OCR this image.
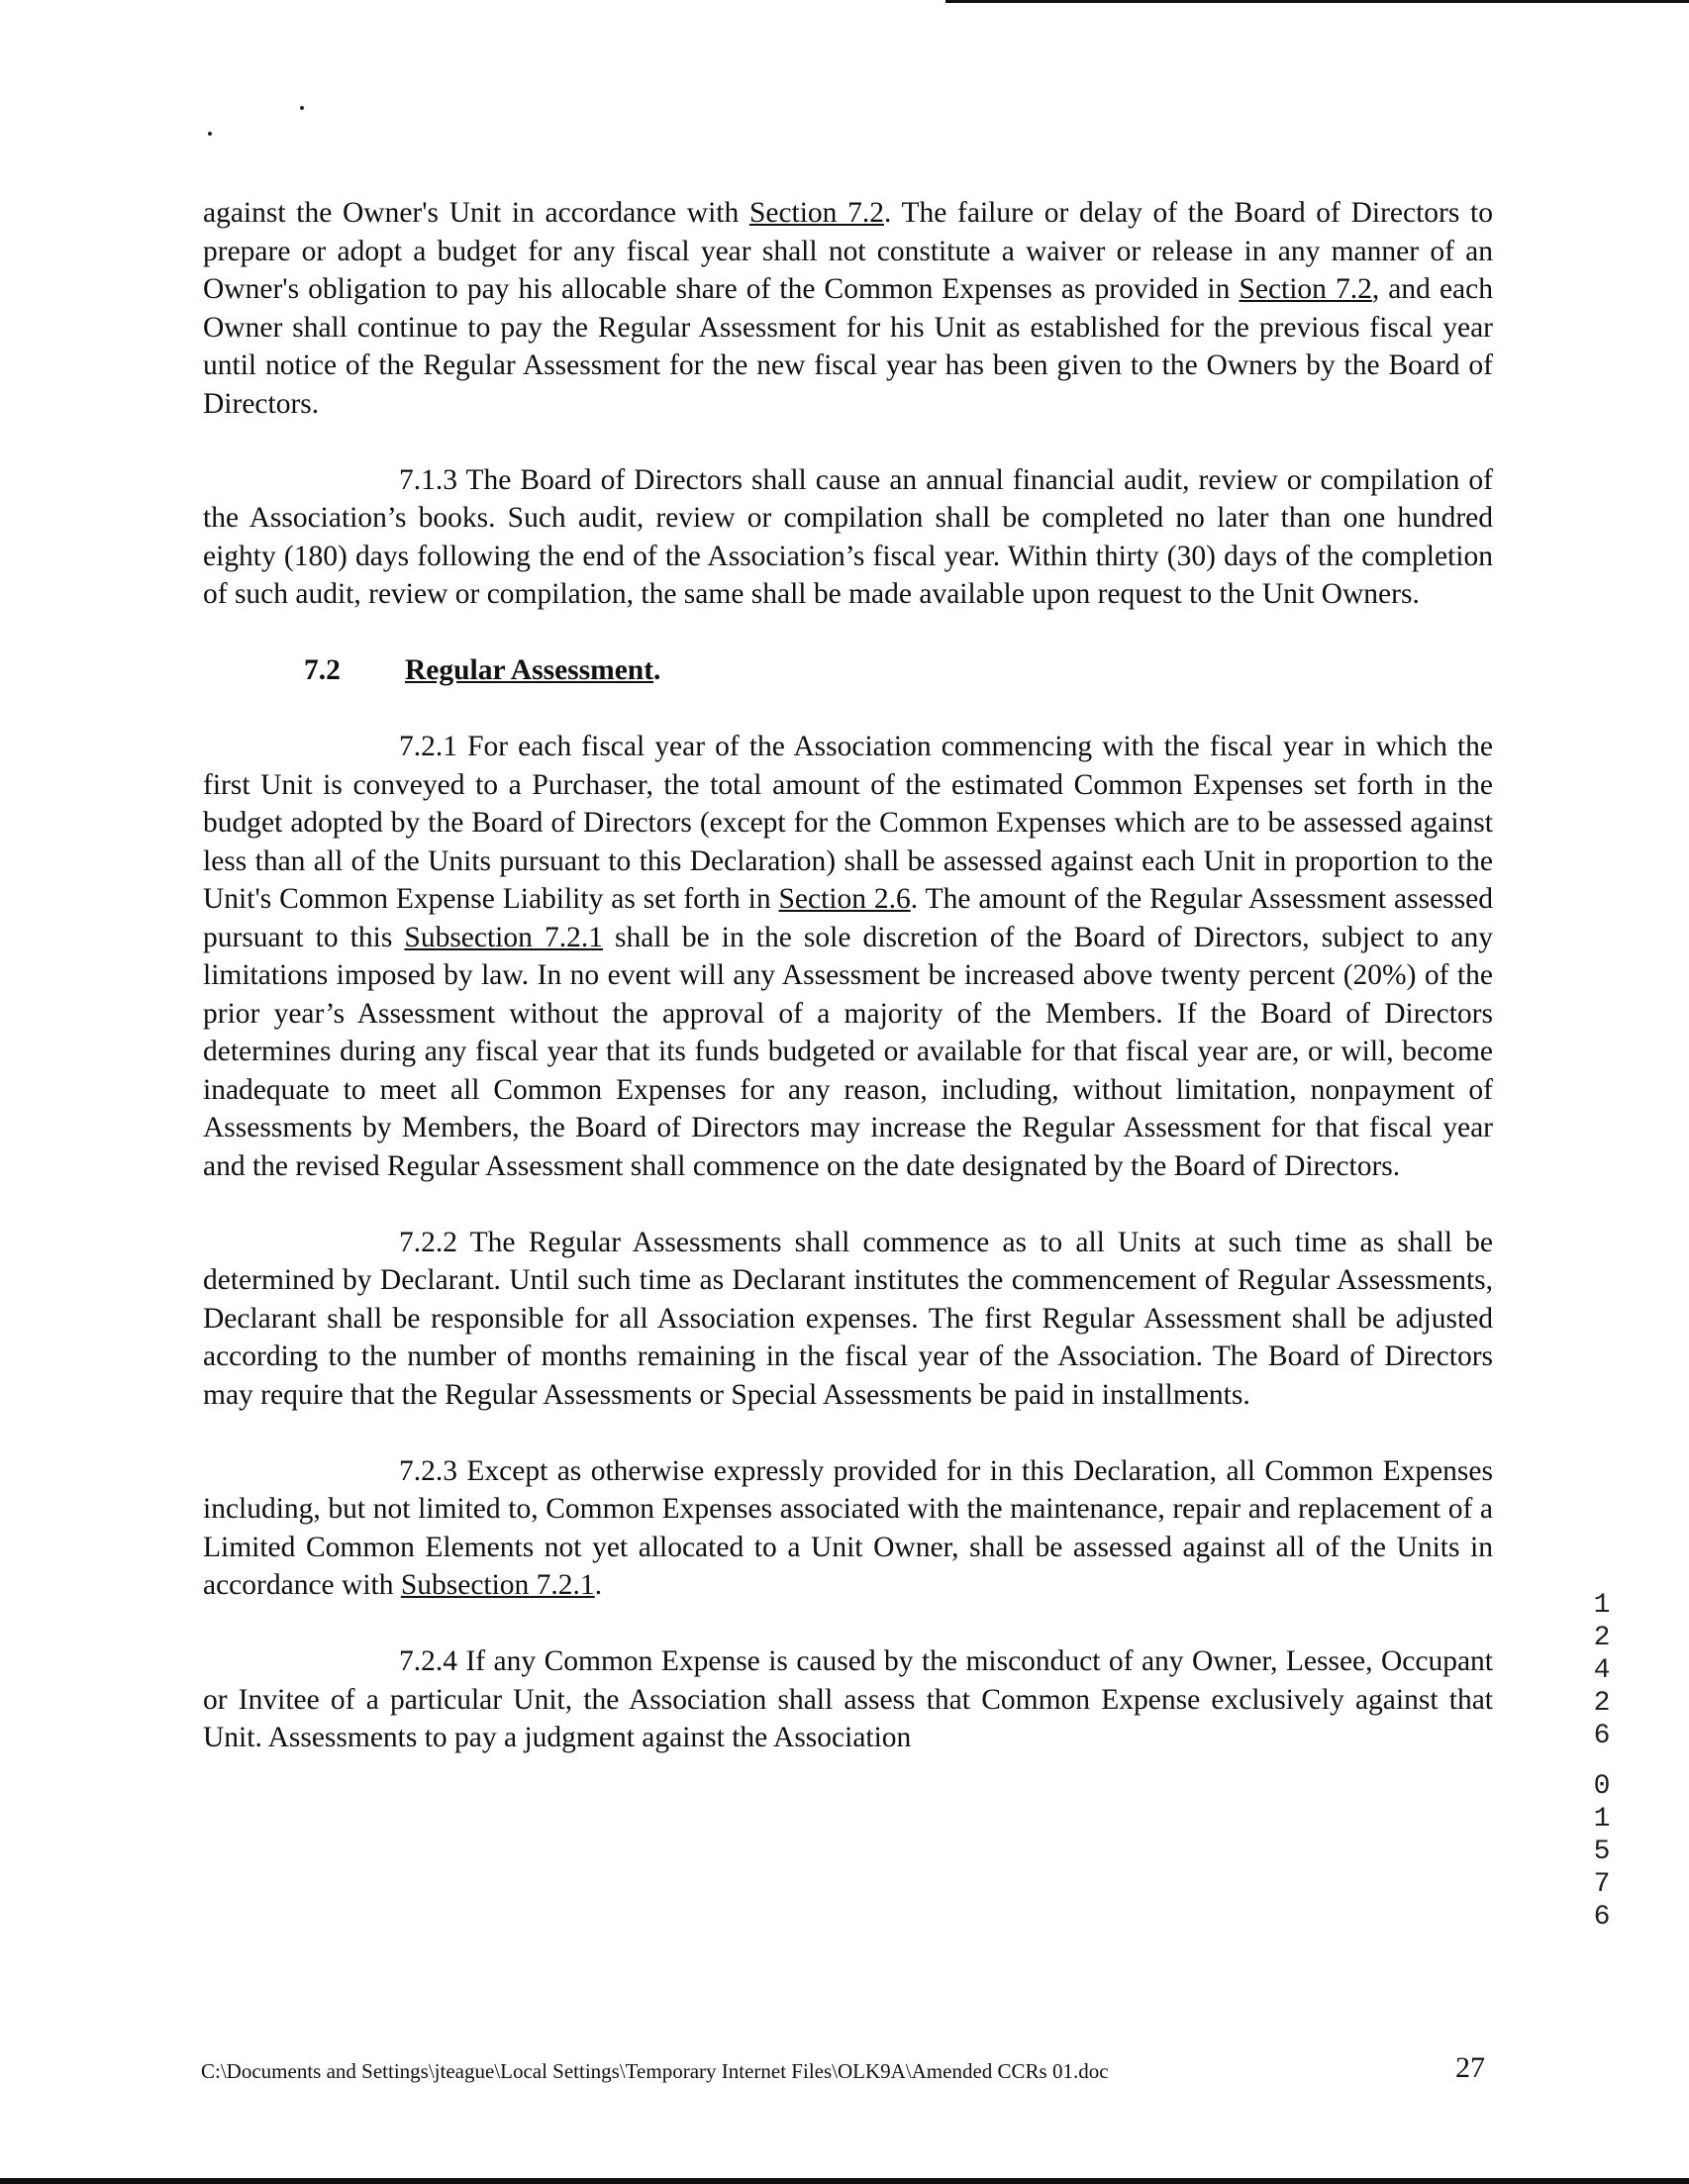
against the Owner's Unit in accordance with Section 7.2. The failure or delay of the Board of Directors to prepare or adopt a budget for any fiscal year shall not constitute a waiver or release in any manner of an Owner's obligation to pay his allocable share of the Common Expenses as provided in Section 7.2, and each Owner shall continue to pay the Regular Assessment for his Unit as established for the previous fiscal year until notice of the Regular Assessment for the new fiscal year has been given to the Owners by the Board of Directors.

7.1.3 The Board of Directors shall cause an annual financial audit, review or compilation of the Association’s books. Such audit, review or compilation shall be completed no later than one hundred eighty (180) days following the end of the Association’s fiscal year. Within thirty (30) days of the completion of such audit, review or compilation, the same shall be made available upon request to the Unit Owners.

7.2 Regular Assessment.

7.2.1 For each fiscal year of the Association commencing with the fiscal year in which the first Unit is conveyed to a Purchaser, the total amount of the estimated Common Expenses set forth in the budget adopted by the Board of Directors (except for the Common Expenses which are to be assessed against less than all of the Units pursuant to this Declaration) shall be assessed against each Unit in proportion to the Unit's Common Expense Liability as set forth in Section 2.6. The amount of the Regular Assessment assessed pursuant to this Subsection 7.2.1 shall be in the sole discretion of the Board of Directors, subject to any limitations imposed by law. In no event will any Assessment be increased above twenty percent (20%) of the prior year’s Assessment without the approval of a majority of the Members. If the Board of Directors determines during any fiscal year that its funds budgeted or available for that fiscal year are, or will, become inadequate to meet all Common Expenses for any reason, including, without limitation, nonpayment of Assessments by Members, the Board of Directors may increase the Regular Assessment for that fiscal year and the revised Regular Assessment shall commence on the date designated by the Board of Directors.

7.2.2 The Regular Assessments shall commence as to all Units at such time as shall be determined by Declarant. Until such time as Declarant institutes the commencement of Regular Assessments, Declarant shall be responsible for all Association expenses. The first Regular Assessment shall be adjusted according to the number of months remaining in the fiscal year of the Association. The Board of Directors may require that the Regular Assessments or Special Assessments be paid in installments.

7.2.3 Except as otherwise expressly provided for in this Declaration, all Common Expenses including, but not limited to, Common Expenses associated with the maintenance, repair and replacement of a Limited Common Elements not yet allocated to a Unit Owner, shall be assessed against all of the Units in accordance with Subsection 7.2.1.

7.2.4 If any Common Expense is caused by the misconduct of any Owner, Lessee, Occupant or Invitee of a particular Unit, the Association shall assess that Common Expense exclusively against that Unit. Assessments to pay a judgment against the Association

1
2
4
2
6
0
1
5
7
6
C:\Documents and Settings\jteague\Local Settings\Temporary Internet Files\OLK9A\Amended CCRs 01.doc	27
